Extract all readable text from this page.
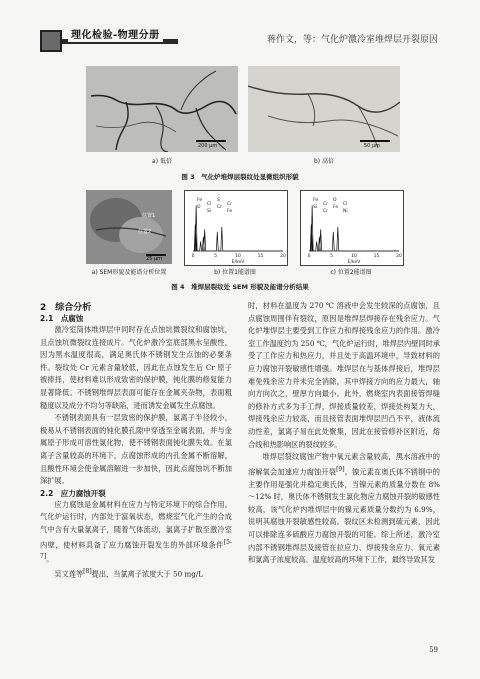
理化检验-物理分册	蒋作文，等：气化炉激冷室堆焊层开裂原因
200 μm	50 μm
a) 低倍	b) 高倍
图 3　气化炉堆焊层裂纹处显微组织形貌
位置1
位置2
25 μm	0	5	10	15	20
E/keV
Fe
Cl
S
Cr
O
Si
Cr
Fe
0	5	10	15	20
E/keV
Fe
Cr
O
Cl
Si
Cr
Fe
Ni
a) SEM形貌及能谱分析位置	b) 位置1能谱图	c) 位置2能谱图
图 4　堆焊层裂纹处 SEM 形貌及能谱分析结果

2　综合分析

2.1　点腐蚀

激冷室筒体堆焊层中同时存在点蚀坑微裂纹和腐蚀坑，且点蚀坑微裂纹连接成片。气化炉激冷室底部黑水呈酸性，因为黑水温度很高，满足奥氏体不锈钢发生点蚀的必要条件。裂纹处 Cr 元素含量较低，因此在点蚀发生后 Cr 原子被捧择，使材料难以形成致密的保护膜，钝化膜的修复能力显著降低。不锈钢堆焊层表面可能存在金属夹杂物，表面粗糙度以及成分不均匀等缺陷，进而诱发金属发生点腐蚀。

不锈钢表面具有一层致密的保护膜，氯离子半径较小，极易从不锈钢表面的钝化膜孔隙中穿透至金属表面，并与金属原子形成可溶性氯化物，使不锈钢表面钝化膜失效。在氯离子含量较高的环境下，点腐蚀形成的内孔金属不断溶解，且酸性环境会使金属溶解进一步加快，因此点腐蚀坑不断加深扩展。

2.2　应力腐蚀开裂

应力腐蚀是金属材料在应力与特定环境下的综合作用。气化炉运行时，内部处于富氧状态，燃烧室气化产生的合成气中含有大量氯离子，随着气体流动，氯离子扩散至激冷室内壁，使材料具备了应力腐蚀开裂发生的外部环境条件[5-7]。

吴文莲等[8]提出，当氯离子浓度大于 50 mg/L

时，材料在温度为 270 ℃ 溶液中会发生较深的点腐蚀，且点腐蚀周围伴有裂纹，原因是堆焊层焊接存在残余应力。气化炉堆焊层主要受到工作应力和焊接残余应力的作用。激冷室工作温度约为 250 ℃，气化炉运行时，堆焊层内壁同时承受了工作应力和热应力，并且处于高温环境中，导致材料的应力腐蚀开裂敏感性增强。堆焊层在与基体焊接后，堆焊层难免残余应力并未完全消除，其中焊接方向的应力最大，轴向方向次之，壁厚方向最小。此外，燃烧室内表面接管焊缝的修补方式多为手工焊，焊接质量较差，焊接处构架力大，焊接残余应力较高，而且接管表面堆焊层凹凸不平，液体流动性差，氯离子易在此处聚集，因此在接管修补区附近，熔合线和热影响区的裂纹较多。

堆焊层裂纹腐蚀产物中氧元素含量较高，黑水溶液中的溶解氧会加速应力腐蚀开裂[9]。镍元素在奥氏体不锈钢中的主要作用是强化并稳定奥氏体，当镍元素的质量分数在 8%～12% 时，奥氏体不锈钢发生氯化物应力腐蚀开裂的敏感性较高，该气化炉内堆焊层中的镍元素质量分数约为 6.9%，说明其腐蚀开裂敏感性较高。裂纹区未检测到硫元素，因此可以排除连多硫酸应力腐蚀开裂的可能。综上所述，激冷室内部不锈钢堆焊层及接管在拉应力、焊接残余应力、氧元素和氯离子浓度较高、温度较高的环境下工作，最终导致其发

59
